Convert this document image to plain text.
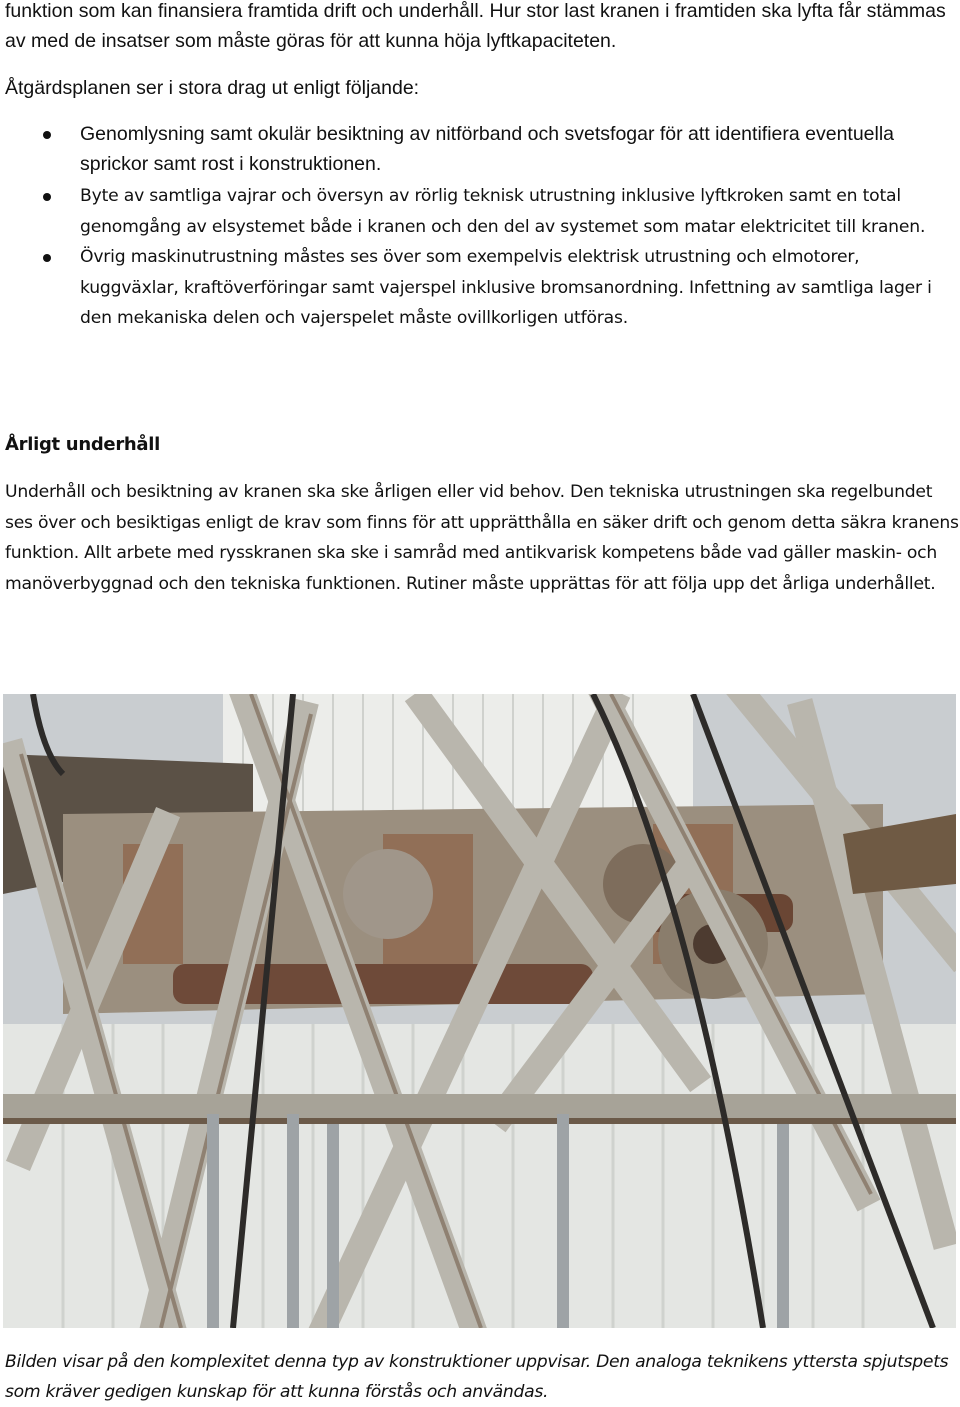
funktion som kan finansiera framtida drift och underhåll. Hur stor last kranen i framtiden ska lyfta får stämmas av med de insatser som måste göras för att kunna höja lyftkapaciteten.

Åtgärdsplanen ser i stora drag ut enligt följande:

Genomlysning samt okulär besiktning av nitförband och svetsfogar för att identifiera eventuella sprickor samt rost i konstruktionen.
Byte av samtliga vajrar och översyn av rörlig teknisk utrustning inklusive lyftkroken samt en total genomgång av elsystemet både i kranen och den del av systemet som matar elektricitet till kranen.
Övrig maskinutrustning måstes ses över som exempelvis elektrisk utrustning och elmotorer, kuggväxlar, kraftöverföringar samt vajerspel inklusive bromsanordning. Infettning av samtliga lager i den mekaniska delen och vajerspelet måste ovillkorligen utföras.
Årligt underhåll

Underhåll och besiktning av kranen ska ske årligen eller vid behov. Den tekniska utrustningen ska regelbundet ses över och besiktigas enligt de krav som finns för att upprätthålla en säker drift och genom detta säkra kranens funktion. Allt arbete med rysskranen ska ske i samråd med antikvarisk kompetens både vad gäller maskin- och manöverbyggnad och den tekniska funktionen. Rutiner måste upprättas för att följa upp det årliga underhållet.

Bilden visar på den komplexitet denna typ av konstruktioner uppvisar. Den analoga teknikens yttersta spjutspets som kräver gedigen kunskap för att kunna förstås och användas.
